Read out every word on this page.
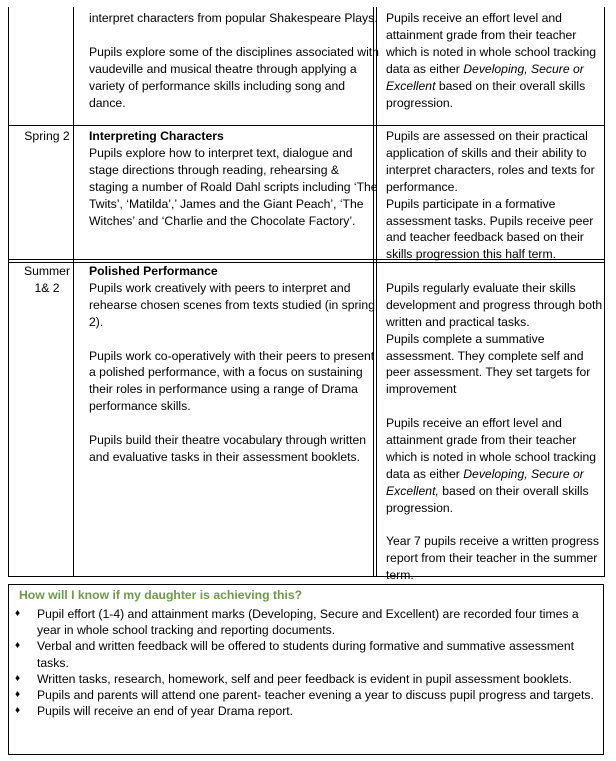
interpret characters from popular Shakespeare Plays.

Pupils explore some of the disciplines associated with vaudeville and musical theatre through applying a variety of performance skills including song and dance.

Pupils receive an effort level and attainment grade from their teacher which is noted in whole school tracking data as either Developing, Secure or Excellent based on their overall skills progression.

Spring 2	Interpreting Characters

Pupils explore how to interpret text, dialogue and stage directions through reading, rehearsing & staging a number of Roald Dahl scripts including ‘The Twits’, ‘Matilda’,’ James and the Giant Peach’, ‘The Witches’ and ‘Charlie and the Chocolate Factory’.

Pupils are assessed on their practical application of skills and their ability to interpret characters, roles and texts for performance.

Pupils participate in a formative assessment tasks. Pupils receive peer and teacher feedback based on their skills progression this half term.

Summer 1& 2

Polished Performance

Pupils work creatively with peers to interpret and rehearse chosen scenes from texts studied (in spring 2).

Pupils work co-operatively with their peers to present a polished performance, with a focus on sustaining their roles in performance using a range of Drama performance skills.

Pupils build their theatre vocabulary through written and evaluative tasks in their assessment booklets.

Pupils regularly evaluate their skills development and progress through both written and practical tasks.

Pupils complete a summative assessment. They complete self and peer assessment. They set targets for improvement

Pupils receive an effort level and attainment grade from their teacher which is noted in whole school tracking data as either Developing, Secure or Excellent, based on their overall skills progression.

Year 7 pupils receive a written progress report from their teacher in the summer term.

How will I know if my daughter is achieving this?
♦ Pupil effort (1-4) and attainment marks (Developing, Secure and Excellent) are recorded four times a year in whole school tracking and reporting documents.
♦ Verbal and written feedback will be offered to students during formative and summative assessment tasks.
♦ Written tasks, research, homework, self and peer feedback is evident in pupil assessment booklets.
♦ Pupils and parents will attend one parent- teacher evening a year to discuss pupil progress and targets.
♦ Pupils will receive an end of year Drama report.
